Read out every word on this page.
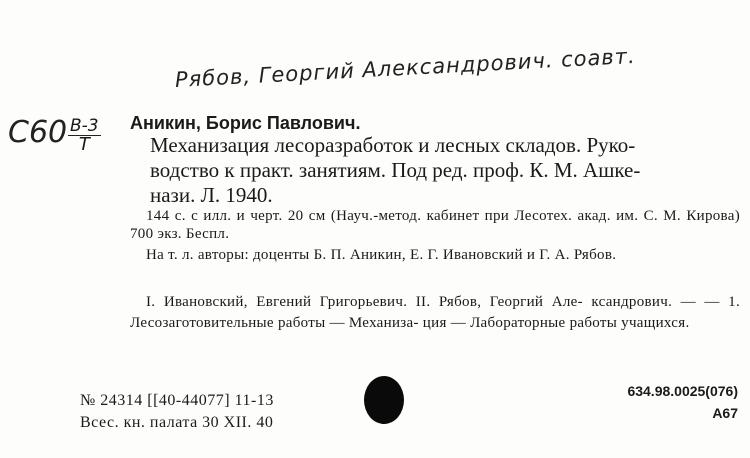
Рябов, Георгий Александрович. соавт.
С60 В-3
Т
Аникин, Борис Павлович.
Механизация лесоразработок и лесных складов. Руко-
водство к практ. занятиям. Под ред. проф. К. М. Ашке-
нази. Л. 1940.

144 с. с илл. и черт. 20 см (Науч.-метод. кабинет при Лесотех. акад. им. С. М. Кирова) 700 экз. Беспл.

На т. л. авторы: доценты Б. П. Аникин, Е. Г. Ивановский и Г. А. Рябов.

I. Ивановский, Евгений Григорьевич. II. Рябов, Георгий Але- ксандрович. — — 1. Лесозаготовительные работы — Механиза- ция — Лабораторные работы учащихся.

№ 24314 [[40-44077] 11-13
Всес. кн. палата 30 XII. 40
634.98.0025(076)
А67
